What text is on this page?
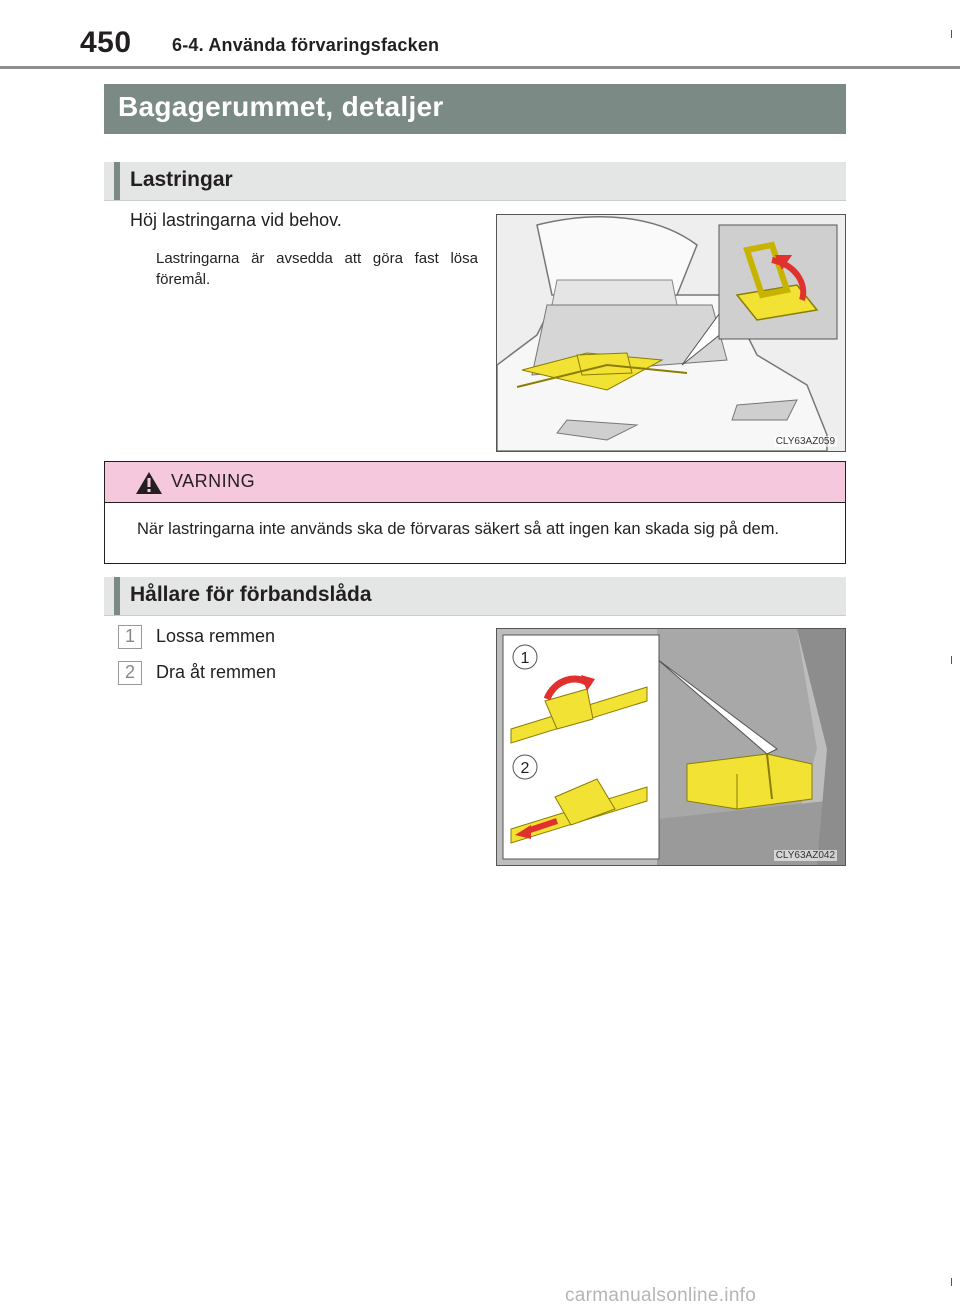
450 6-4. Använda förvaringsfacken
Bagagerummet, detaljer
Lastringar
Höj lastringarna vid behov.
Lastringarna är avsedda att göra fast lösa föremål.
CLY63AZ059
VARNING
När lastringarna inte används ska de förvaras säkert så att ingen kan skada sig på dem.
Hållare för förbandslåda
1 Lossa remmen
2 Dra åt remmen
1
2
CLY63AZ042
carmanualsonline.info
